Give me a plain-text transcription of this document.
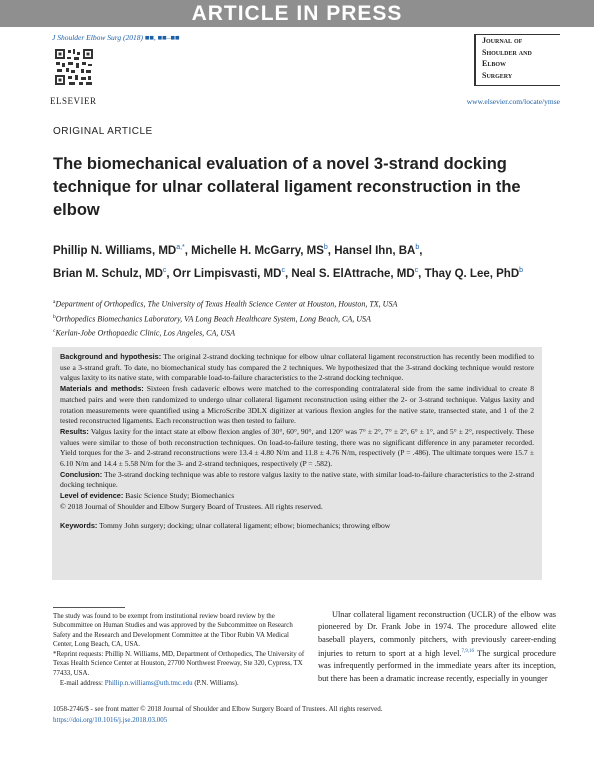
ARTICLE IN PRESS
J Shoulder Elbow Surg (2018) ■■, ■■–■■
ELSEVIER
Journal of
Shoulder and
Elbow
Surgery
www.elsevier.com/locate/ymse
ORIGINAL ARTICLE
The biomechanical evaluation of a novel 3-strand docking technique for ulnar collateral ligament reconstruction in the elbow
Phillip N. Williams, $MD^{a,*}$, Michelle H. McGarry, $MS^b$, Hansel Ihn, $BA^b$,
Brian M. Schulz, $MD^c$, Orr Limpisvasti, $MD^c$, Neal S. ElAttrache, $MD^c$, Thay Q. Lee, PhD$^b$
$^a$Department of Orthopedics, The University of Texas Health Science Center at Houston, Houston, TX, USA
$^b$Orthopedics Biomechanics Laboratory, VA Long Beach Healthcare System, Long Beach, CA, USA
$^c$Kerlan-Jobe Orthopaedic Clinic, Los Angeles, CA, USA

Background and hypothesis: The original 2-strand docking technique for elbow ulnar collateral ligament reconstruction has recently been modified to use a 3-strand graft. To date, no biomechanical study has compared the 2 techniques. We hypothesized that the 3-strand docking technique would restore valgus laxity to its native state, with comparable load-to-failure characteristics to the 2-strand docking technique.

Materials and methods: Sixteen fresh cadaveric elbows were matched to the corresponding contralateral side from the same individual to create 8 matched pairs and were then randomized to undergo ulnar collateral ligament reconstruction using either the 2- or 3-strand technique. Valgus laxity and rotation measurements were quantified using a MicroScribe 3DLX digitizer at various flexion angles for the native state, transected state, and 1 of the 2 tested reconstructed ligaments. Each reconstruction was then tested to failure.

Results: Valgus laxity for the intact state at elbow flexion angles of 30°, 60°, 90°, and 120° was 7° ± 2°, 7° ± 2°, 6° ± 1°, and 5° ± 2°, respectively. These values were similar to those of both reconstruction techniques. On load-to-failure testing, there was no significant difference in any parameter recorded. Yield torques for the 3- and 2-strand reconstructions were 13.4 ± 4.80 N/m and 11.8 ± 4.76 N/m, respectively (P = .486). The ultimate torques were 15.7 ± 6.10 N/m and 14.4 ± 5.58 N/m for the 3- and 2-strand techniques, respectively (P = .582).

Conclusion: The 3-strand docking technique was able to restore valgus laxity to the native state, with similar load-to-failure characteristics to the 2-strand docking technique.

Level of evidence: Basic Science Study; Biomechanics

© 2018 Journal of Shoulder and Elbow Surgery Board of Trustees. All rights reserved.

Keywords: Tommy John surgery; docking; ulnar collateral ligament; elbow; biomechanics; throwing elbow

The study was found to be exempt from institutional review board review by the Subcommittee on Human Studies and was approved by the Subcommittee on Research Safety and the Research and Development Committee at the Tibor Rubin VA Medical Center, Long Beach, CA, USA.

*Reprint requests: Phillip N. Williams, MD, Department of Orthopedics, The University of Texas Health Science Center at Houston, 27700 Northwest Freeway, Ste 320, Cypress, TX 77433, USA.

E-mail address: Phillip.n.williams@uth.tmc.edu (P.N. Williams).

Ulnar collateral ligament reconstruction (UCLR) of the elbow was pioneered by Dr. Frank Jobe in 1974. The procedure allowed elite baseball players, commonly pitchers, with previously career-ending injuries to return to sport at a high level.$^{7,9,16}$ The surgical procedure was infrequently performed in the immediate years after its inception, but there has been a dramatic increase recently, especially in younger

1058-2746/$ - see front matter © 2018 Journal of Shoulder and Elbow Surgery Board of Trustees. All rights reserved.
https://doi.org/10.1016/j.jse.2018.03.005
